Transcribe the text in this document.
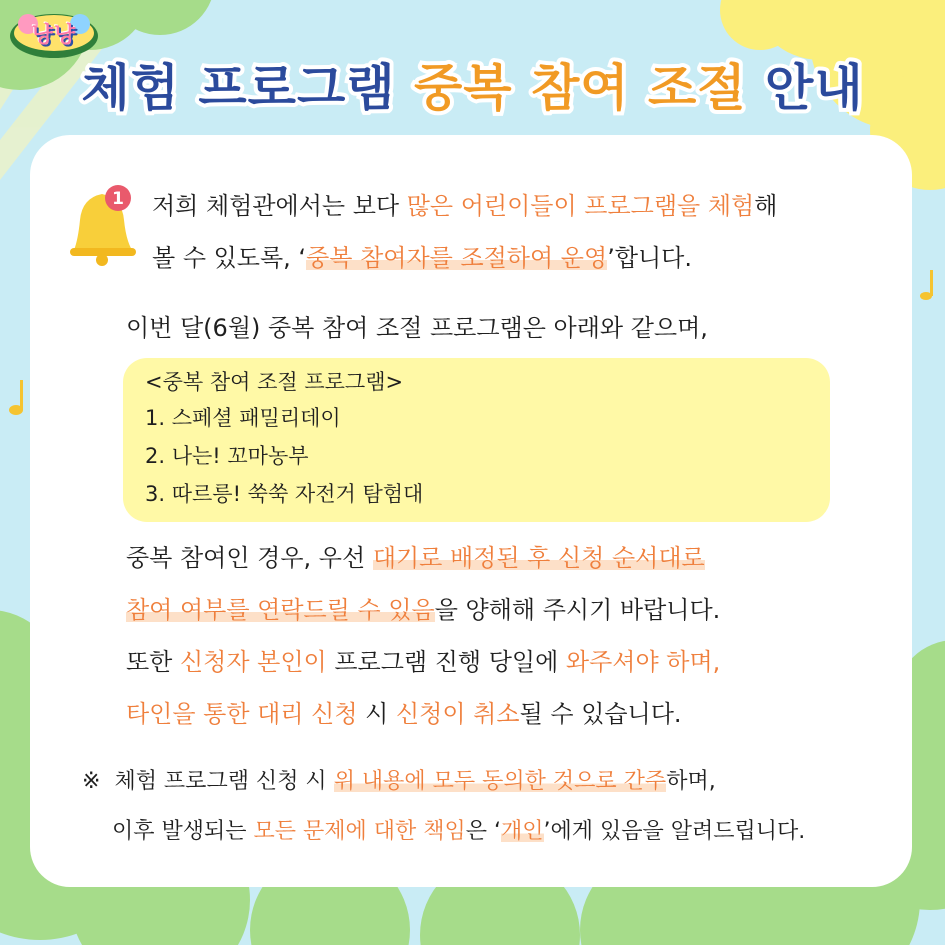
냥냥
체험 프로그램 중복 참여 조절 안내
1 저희 체험관에서는 보다 많은 어린이들이 프로그램을 체험해
볼 수 있도록, ‘중복 참여자를 조절하여 운영’합니다.
이번 달(6월) 중복 참여 조절 프로그램은 아래와 같으며,
<중복 참여 조절 프로그램>
1. 스페셜 패밀리데이
2. 나는! 꼬마농부
3. 따르릉! 쑥쑥 자전거 탐험대
중복 참여인 경우, 우선 대기로 배정된 후 신청 순서대로
참여 여부를 연락드릴 수 있음을 양해해 주시기 바랍니다.
또한 신청자 본인이 프로그램 진행 당일에 와주셔야 하며,
타인을 통한 대리 신청 시 신청이 취소될 수 있습니다.
※ 체험 프로그램 신청 시 위 내용에 모두 동의한 것으로 간주하며,
이후 발생되는 모든 문제에 대한 책임은 ‘개인’에게 있음을 알려드립니다.
